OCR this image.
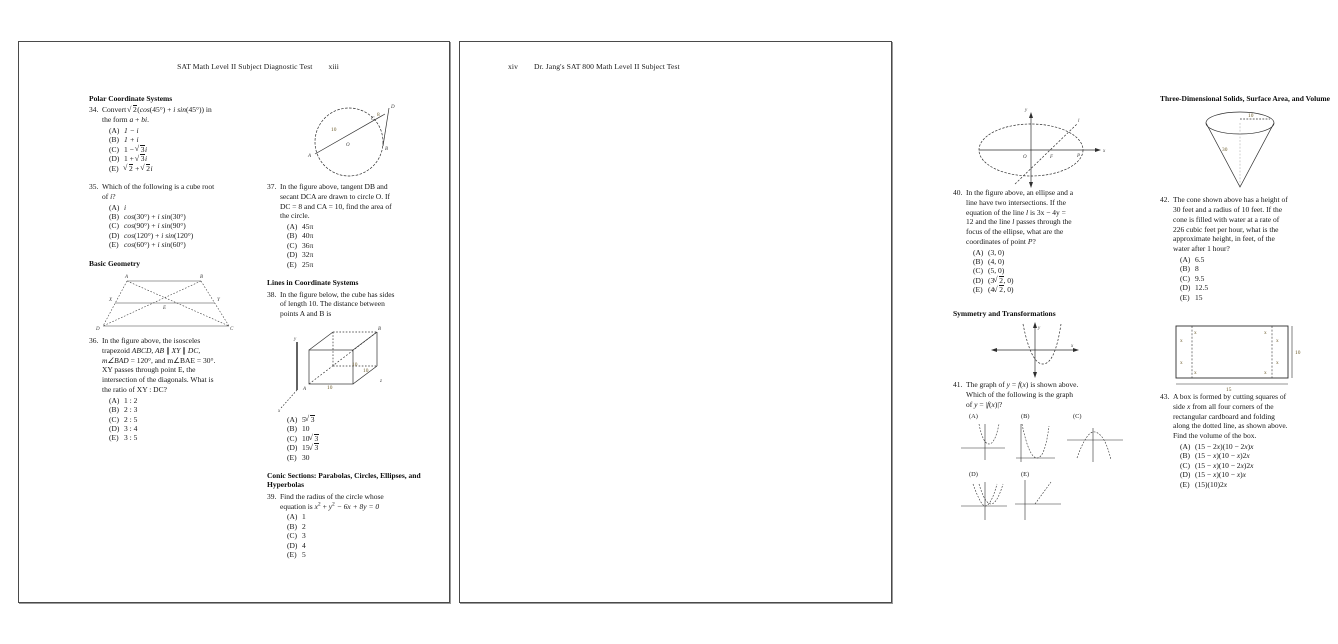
SAT Math Level II Subject Diagnostic Test xiii
Polar Coordinate Systems
34. Convert √ 2(cos(45°) + i sin(45°)) in
the form a + bi.
(A) 1 − i
(B) 1 + i
(C) 1 − √ 3i
(D) 1 + √ 3i
(E) √ 2 + √ 2i
35. Which of the following is a cube root
of i?
(A) i
(B) cos(30°) + i sin(30°)
(C) cos(90°) + i sin(90°)
(D) cos(120°) + i sin(120°)
(E) cos(60°) + i sin(60°)
Basic Geometry
A	B
C
D
X	Y
E
36. In the figure above, the isosceles
trapezoid ABCD, AB ∥ XY ∥ DC,
m∠BAD = 120°, and m∠BAE = 30°.
XY passes through point E, the
intersection of the diagonals. What is
the ratio of XY : DC?
(A) 1 : 2
(B) 2 : 3
(C) 2 : 5
(D) 3 : 4
(E) 3 : 5
A
B
C
D
O
10
8
37. In the figure above, tangent DB and
secant DCA are drawn to circle O. If
DC = 8 and CA = 10, find the area of
the circle.
(A) 45π
(B) 40π
(C) 36π
(D) 32π
(E) 25π
Lines in Coordinate Systems
38. In the figure below, the cube has sides
of length 10. The distance between
points A and B is
y
x
B
A
z
10
10
10
(A) 5 √ 3
(B) 10
(C) 10 √ 3
(D) 15 √ 3
(E) 30
Conic Sections: Parabolas, Circles, Ellipses, and Hyperbolas
39. Find the radius of the circle whose
equation is $x^2 + y^2 - 6x + 8y = 0$
(A) 1
(B) 2
(C) 3
(D) 4
(E) 5
xiv Dr. Jang's SAT 800 Math Level II Subject Test
y
x
O	F	P
l
40. In the figure above, an ellipse and a
line have two intersections. If the
equation of the line l is 3x − 4y =
12 and the line l passes through the
focus of the ellipse, what are the
coordinates of point P?
(A) (3, 0)
(B) (4, 0)
(C) (5, 0)
(D) (3 √ 2, 0)
(E) (4 √ 2, 0)
Symmetry and Transformations
y
x
41. The graph of y = f(x) is shown above.
Which of the following is the graph
of y = |f(x)|?
(A)	(B)	(C)
(D)	(E)
Three-Dimensional Solids, Surface Area, and Volume
10
30
42. The cone shown above has a height of
30 feet and a radius of 10 feet. If the
cone is filled with water at a rate of
226 cubic feet per hour, what is the
approximate height, in feet, of the
water after 1 hour?
(A) 6.5
(B) 8
(C) 9.5
(D) 12.5
(E) 15
x
x
x
x
x
x
x
x
10
15
43. A box is formed by cutting squares of
side x from all four corners of the
rectangular cardboard and folding
along the dotted line, as shown above.
Find the volume of the box.
(A) (15 − 2x)(10 − 2x)x
(B) (15 − x)(10 − x)2x
(C) (15 − x)(10 − 2x)2x
(D) (15 − x)(10 − x)x
(E) (15)(10)2x
